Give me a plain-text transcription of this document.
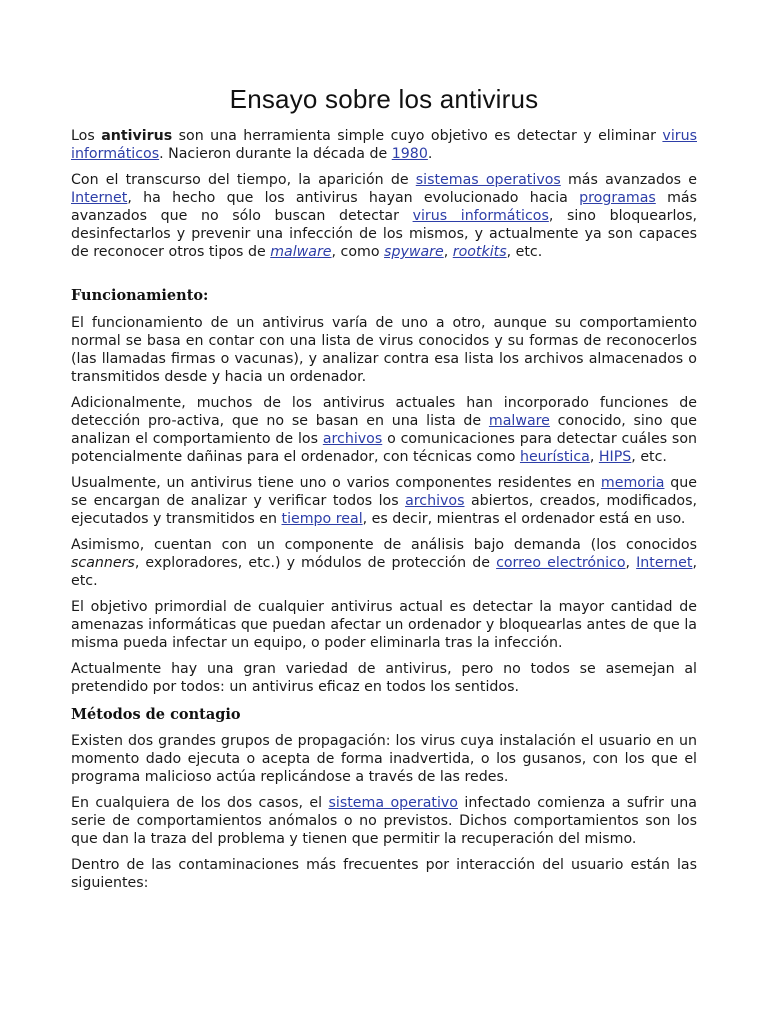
Ensayo sobre los antivirus

Los antivirus son una herramienta simple cuyo objetivo es detectar y eliminar virus informáticos. Nacieron durante la década de 1980.

Con el transcurso del tiempo, la aparición de sistemas operativos más avanzados e Internet, ha hecho que los antivirus hayan evolucionado hacia programas más avanzados que no sólo buscan detectar virus informáticos, sino bloquearlos, desinfectarlos y prevenir una infección de los mismos, y actualmente ya son capaces de reconocer otros tipos de malware, como spyware, rootkits, etc.

Funcionamiento:

El funcionamiento de un antivirus varía de uno a otro, aunque su comportamiento normal se basa en contar con una lista de virus conocidos y su formas de reconocerlos (las llamadas firmas o vacunas), y analizar contra esa lista los archivos almacenados o transmitidos desde y hacia un ordenador.

Adicionalmente, muchos de los antivirus actuales han incorporado funciones de detección pro-activa, que no se basan en una lista de malware conocido, sino que analizan el comportamiento de los archivos o comunicaciones para detectar cuáles son potencialmente dañinas para el ordenador, con técnicas como heurística, HIPS, etc.

Usualmente, un antivirus tiene uno o varios componentes residentes en memoria que se encargan de analizar y verificar todos los archivos abiertos, creados, modificados, ejecutados y transmitidos en tiempo real, es decir, mientras el ordenador está en uso.

Asimismo, cuentan con un componente de análisis bajo demanda (los conocidos scanners, exploradores, etc.) y módulos de protección de correo electrónico, Internet, etc.

El objetivo primordial de cualquier antivirus actual es detectar la mayor cantidad de amenazas informáticas que puedan afectar un ordenador y bloquearlas antes de que la misma pueda infectar un equipo, o poder eliminarla tras la infección.

Actualmente hay una gran variedad de antivirus, pero no todos se asemejan al pretendido por todos: un antivirus eficaz en todos los sentidos.

Métodos de contagio

Existen dos grandes grupos de propagación: los virus cuya instalación el usuario en un momento dado ejecuta o acepta de forma inadvertida, o los gusanos, con los que el programa malicioso actúa replicándose a través de las redes.

En cualquiera de los dos casos, el sistema operativo infectado comienza a sufrir una serie de comportamientos anómalos o no previstos. Dichos comportamientos son los que dan la traza del problema y tienen que permitir la recuperación del mismo.

Dentro de las contaminaciones más frecuentes por interacción del usuario están las siguientes:
